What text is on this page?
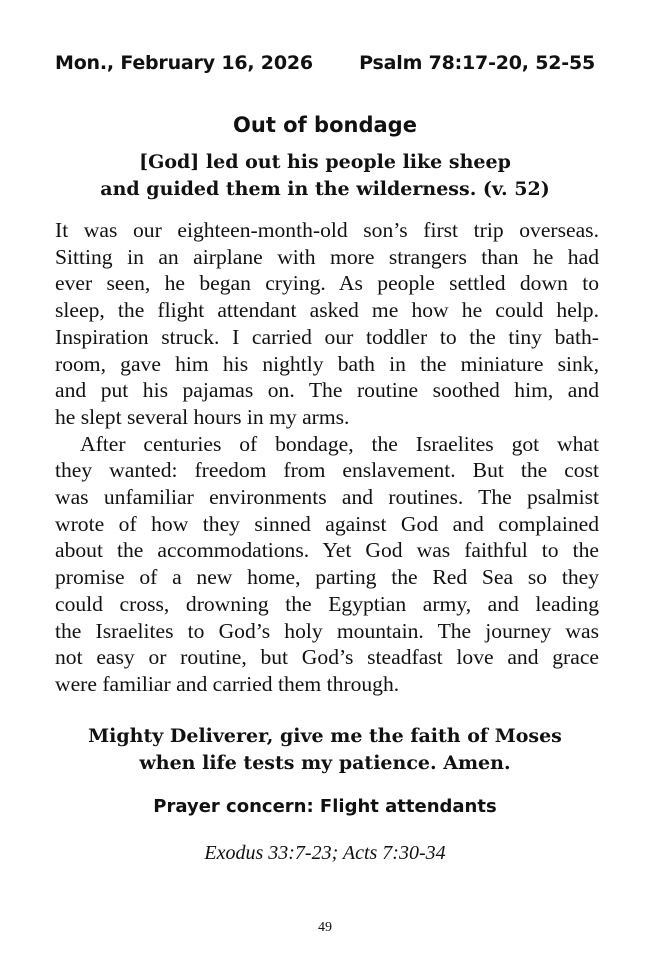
Mon., February 16, 2026 Psalm 78:17-20, 52-55
Out of bondage
[God] led out his people like sheep
and guided them in the wilderness. (v. 52)
It was our eighteen-month-old son’s first trip overseas.
Sitting in an airplane with more strangers than he had
ever seen, he began crying. As people settled down to
sleep, the flight attendant asked me how he could help.
Inspiration struck. I carried our toddler to the tiny bath-
room, gave him his nightly bath in the miniature sink,
and put his pajamas on. The routine soothed him, and
he slept several hours in my arms.
After centuries of bondage, the Israelites got what
they wanted: freedom from enslavement. But the cost
was unfamiliar environments and routines. The psalmist
wrote of how they sinned against God and complained
about the accommodations. Yet God was faithful to the
promise of a new home, parting the Red Sea so they
could cross, drowning the Egyptian army, and leading
the Israelites to God’s holy mountain. The journey was
not easy or routine, but God’s steadfast love and grace
were familiar and carried them through.
Mighty Deliverer, give me the faith of Moses
when life tests my patience. Amen.
Prayer concern: Flight attendants
Exodus 33:7-23; Acts 7:30-34
49
